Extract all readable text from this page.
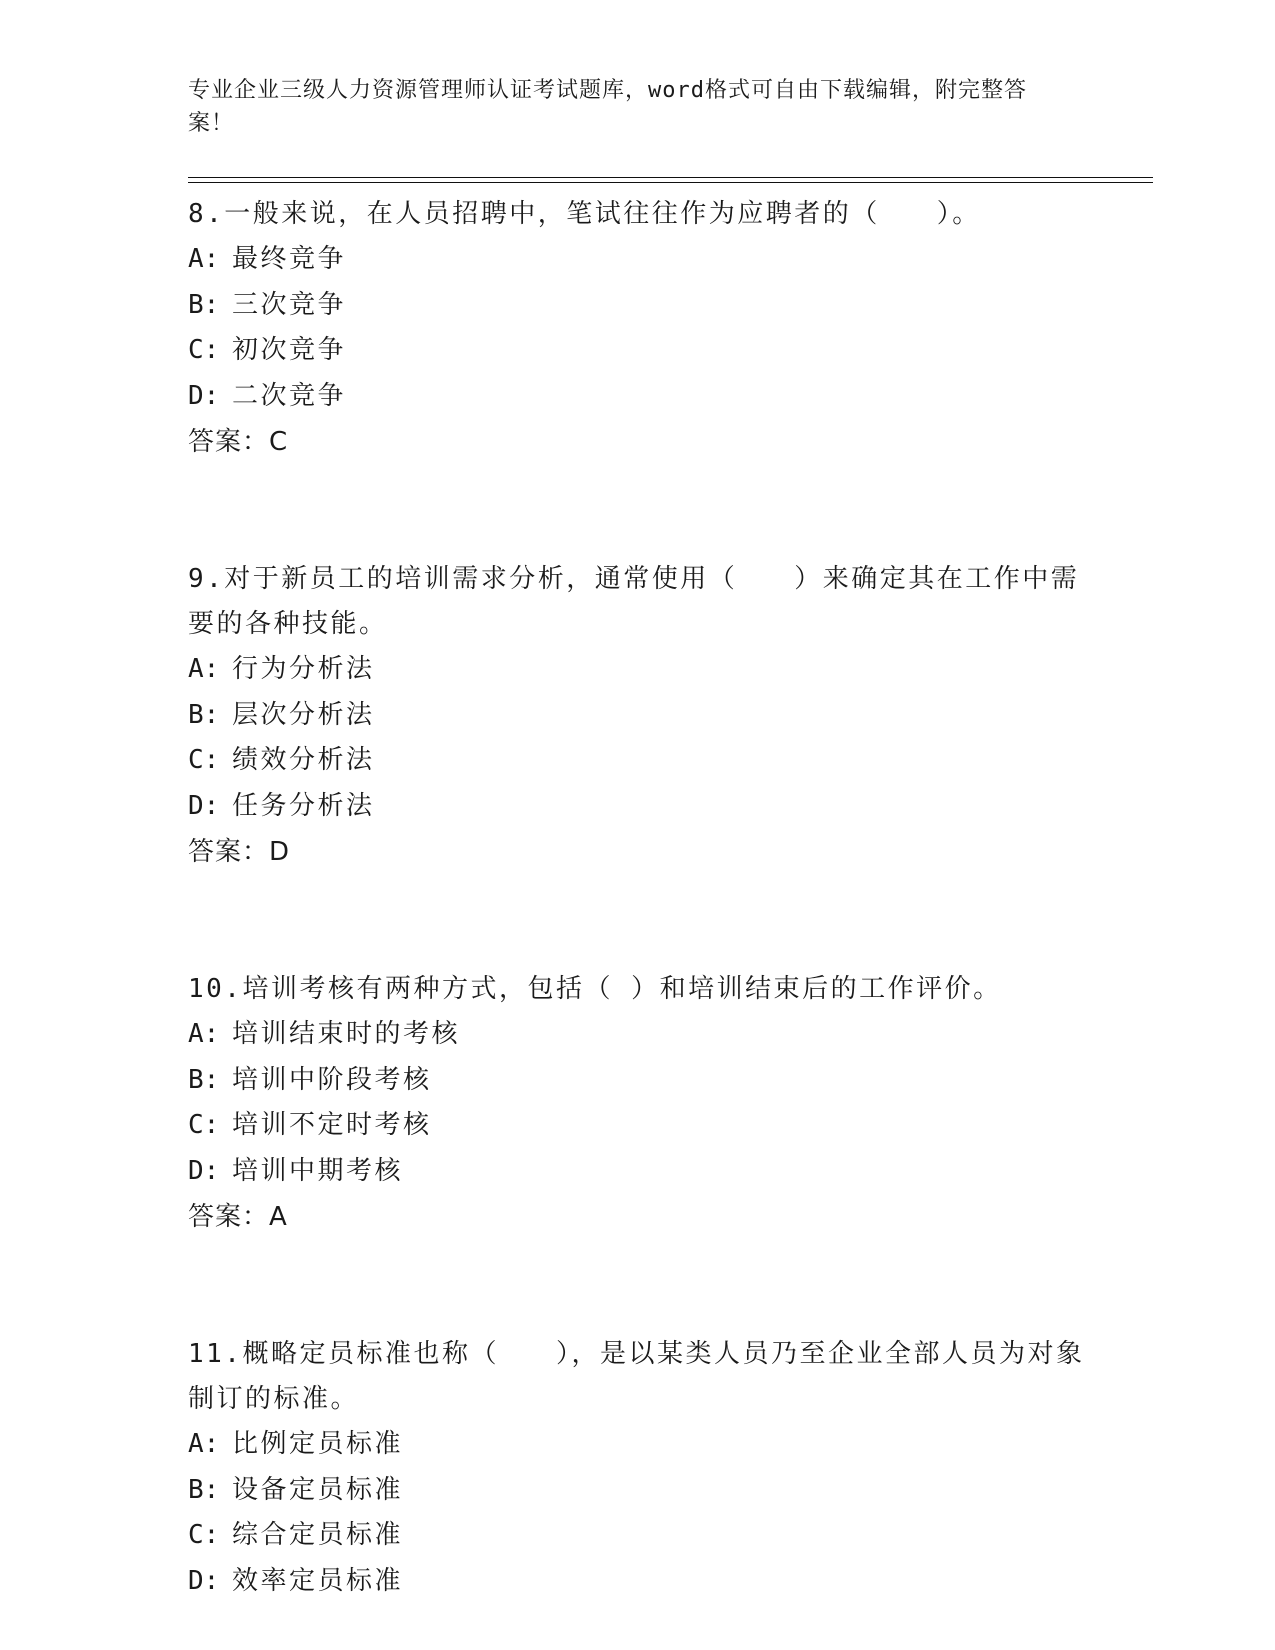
专业企业三级人力资源管理师认证考试题库，word格式可自由下载编辑，附完整答案！

8.一般来说，在人员招聘中，笔试往往作为应聘者的（　　）。

A: 最终竞争

B: 三次竞争

C: 初次竞争

D: 二次竞争

答案：C

9.对于新员工的培训需求分析，通常使用（　　）来确定其在工作中需要的各种技能。

A: 行为分析法

B: 层次分析法

C: 绩效分析法

D: 任务分析法

答案：D

10.培训考核有两种方式，包括（ ）和培训结束后的工作评价。

A: 培训结束时的考核

B: 培训中阶段考核

C: 培训不定时考核

D: 培训中期考核

答案：A

11.概略定员标准也称（　　），是以某类人员乃至企业全部人员为对象制订的标准。

A: 比例定员标准

B: 设备定员标准

C: 综合定员标准

D: 效率定员标准
